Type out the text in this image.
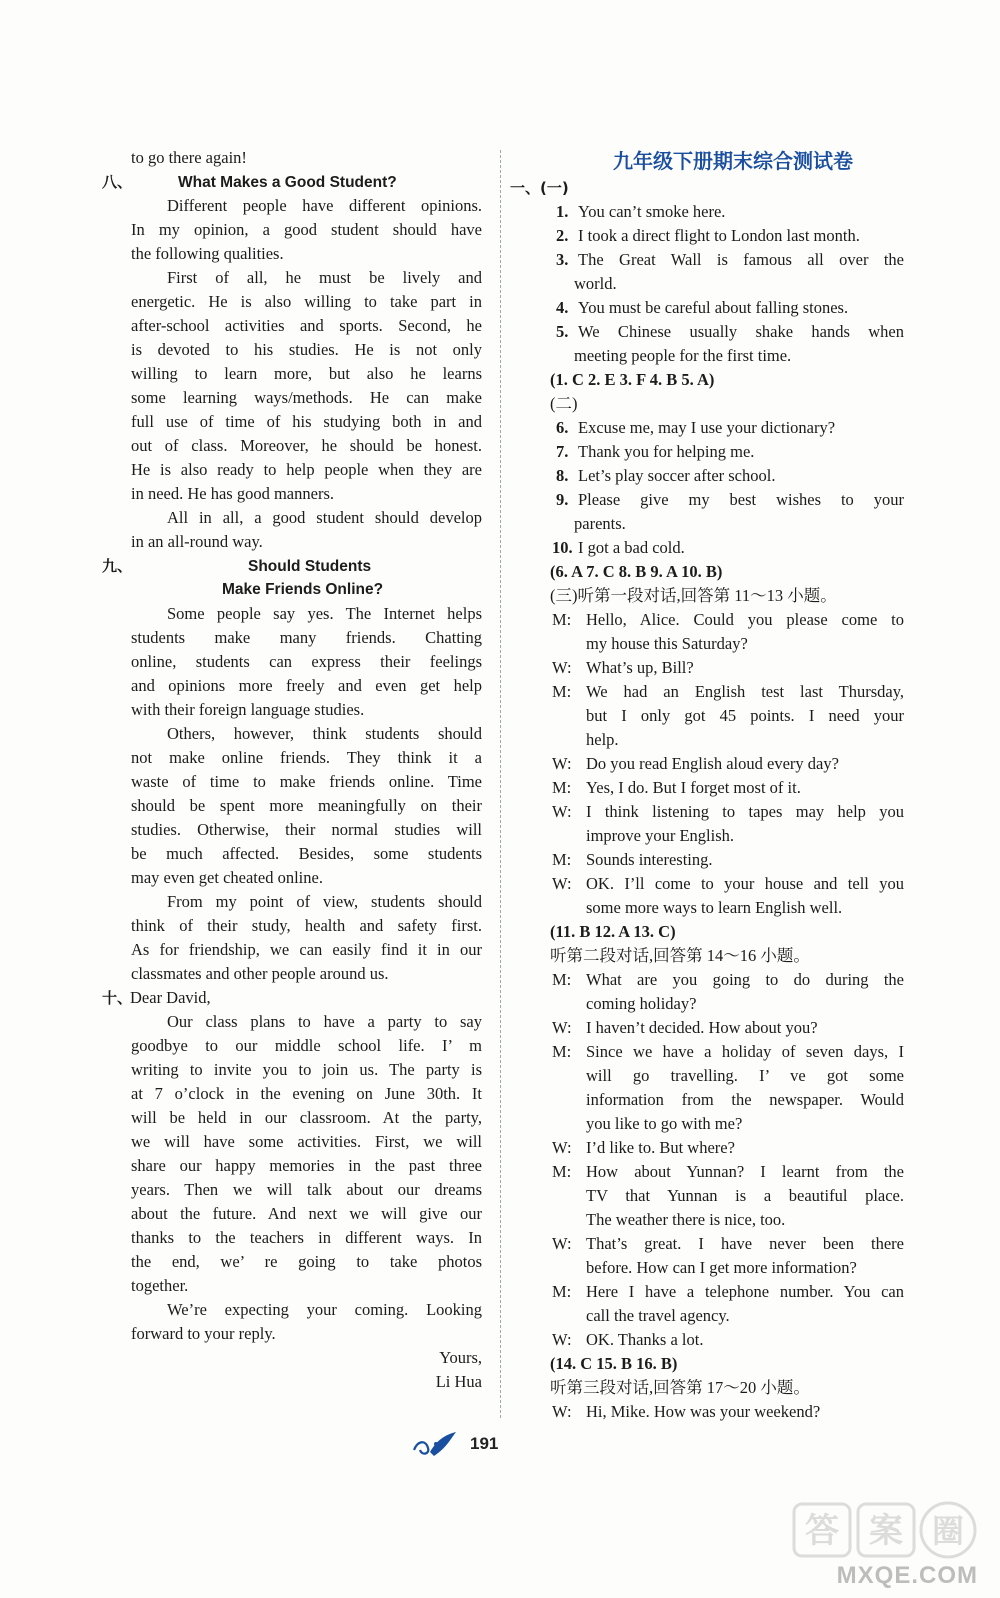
to go there again!
八、	What Makes a Good Student?
Different people have different opinions.
In my opinion, a good student should have
the following qualities.
First of all, he must be lively and
energetic. He is also willing to take part in
after-school activities and sports. Second, he
is devoted to his studies. He is not only
willing to learn more, but also he learns
some learning ways/methods. He can make
full use of time of his studying both in and
out of class. Moreover, he should be honest.
He is also ready to help people when they are
in need. He has good manners.
All in all, a good student should develop
in an all-round way.
九、	Should Students
Make Friends Online?
Some people say yes. The Internet helps
students make many friends. Chatting
online, students can express their feelings
and opinions more freely and even get help
with their foreign language studies.
Others, however, think students should
not make online friends. They think it a
waste of time to make friends online. Time
should be spent more meaningfully on their
studies. Otherwise, their normal studies will
be much affected. Besides, some students
may even get cheated online.
From my point of view, students should
think of their study, health and safety first.
As for friendship, we can easily find it in our
classmates and other people around us.
十、Dear David,
Our class plans to have a party to say
goodbye to our middle school life. I’ m
writing to invite you to join us. The party is
at 7 o’clock in the evening on June 30th. It
will be held in our classroom. At the party,
we will have some activities. First, we will
share our happy memories in the past three
years. Then we will talk about our dreams
about the future. And next we will give our
thanks to the teachers in different ways. In
the end, we’ re going to take photos
together.
We’re expecting your coming. Looking
forward to your reply.
Yours,
Li Hua
九年级下册期末综合测试卷
一、(一)
1. You can’t smoke here.
2. I took a direct flight to London last month.
3. The Great Wall is famous all over the
world.
4. You must be careful about falling stones.
5. We Chinese usually shake hands when
meeting people for the first time.
(1. C 2. E 3. F 4. B 5. A)
(二)
6. Excuse me, may I use your dictionary?
7. Thank you for helping me.
8. Let’s play soccer after school.
9. Please give my best wishes to your
parents.
10. I got a bad cold.
(6. A 7. C 8. B 9. A 10. B)
(三)听第一段对话,回答第 11～13 小题。
M: Hello, Alice. Could you please come to
my house this Saturday?
W: What’s up, Bill?
M: We had an English test last Thursday,
but I only got 45 points. I need your
help.
W: Do you read English aloud every day?
M: Yes, I do. But I forget most of it.
W: I think listening to tapes may help you
improve your English.
M: Sounds interesting.
W: OK. I’ll come to your house and tell you
some more ways to learn English well.
(11. B 12. A 13. C)
听第二段对话,回答第 14～16 小题。
M: What are you going to do during the
coming holiday?
W: I haven’t decided. How about you?
M: Since we have a holiday of seven days, I
will go travelling. I’ ve got some
information from the newspaper. Would
you like to go with me?
W: I’d like to. But where?
M: How about Yunnan? I learnt from the
TV that Yunnan is a beautiful place.
The weather there is nice, too.
W: That’s great. I have never been there
before. How can I get more information?
M: Here I have a telephone number. You can
call the travel agency.
W: OK. Thanks a lot.
(14. C 15. B 16. B)
听第三段对话,回答第 17～20 小题。
W: Hi, Mike. How was your weekend?
191
答 案 圈
MXQE.COM
